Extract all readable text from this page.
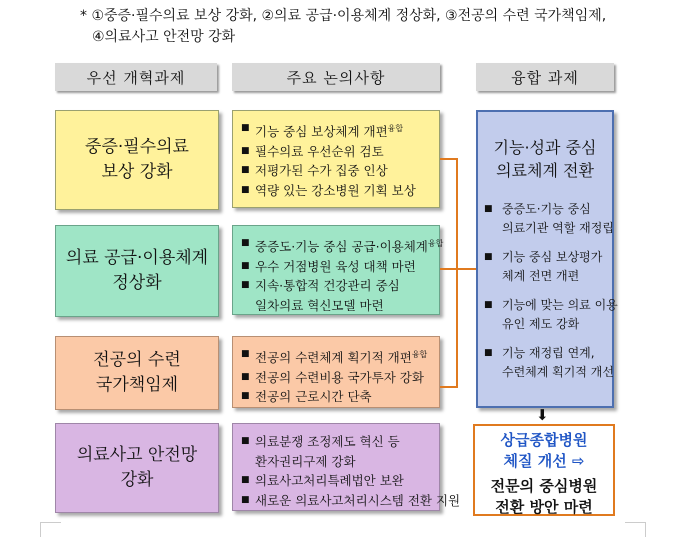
* ①중증·필수의료 보상 강화, ②의료 공급·이용체계 정상화, ③전공의 수련 국가책임제,
④의료사고 안전망 강화
우선 개혁과제	주요 논의사항	융합 과제
중증·필수의료
보상 강화
의료 공급·이용체계
정상화
전공의 수련
국가책임제
의료사고 안전망
강화
■ 기능 중심 보상체계 개편$^{융합}$
■ 필수의료 우선순위 검토
■ 저평가된 수가 집중 인상
■ 역량 있는 강소병원 기획 보상
■ 중증도·기능 중심 공급·이용체계$^{융합}$
■ 우수 거점병원 육성 대책 마련
■ 지속·통합적 건강관리 중심
일차의료 혁신모델 마련
■ 전공의 수련체계 획기적 개편$^{융합}$
■ 전공의 수련비용 국가투자 강화
■ 전공의 근로시간 단축
■ 의료분쟁 조정제도 혁신 등
환자권리구제 강화
■ 의료사고처리특례법안 보완
■ 새로운 의료사고처리시스템 전환 지원
기능·성과 중심
의료체계 전환
■ 중증도·기능 중심
의료기관 역할 재정립
■ 기능 중심 보상평가
체계 전면 개편
■ 기능에 맞는 의료 이용
유인 제도 강화
■ 기능 재정립 연계,
수련체계 획기적 개선
⬇
상급종합병원
체질 개선 ⇨
전문의 중심병원
전환 방안 마련
